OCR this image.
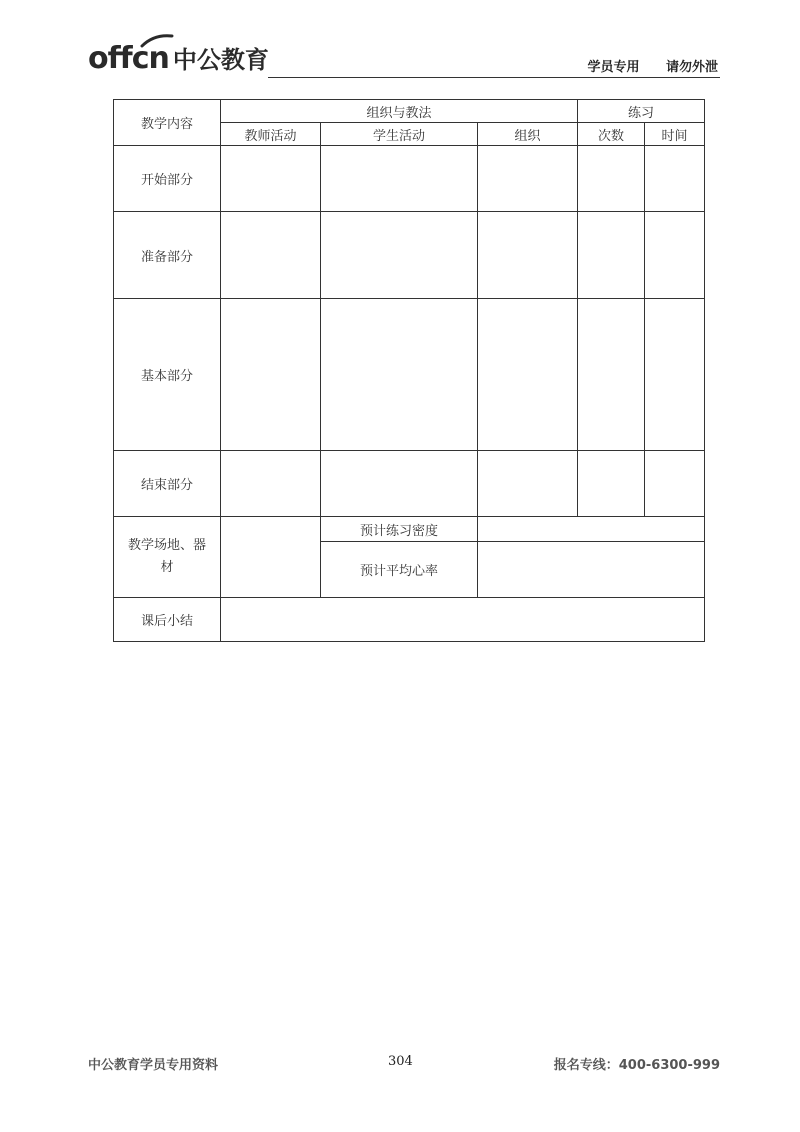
offcn 中公教育	学员专用 请勿外泄
教学内容	组织与教法			练习	
	教师活动	学生活动	组织	次数	时间
开始部分					
准备部分					
基本部分					
结束部分					
教学场地、器材		预计练习密度			
		预计平均心率			
课后小结					
中公教育学员专用资料	304	报名专线：400-6300-999
